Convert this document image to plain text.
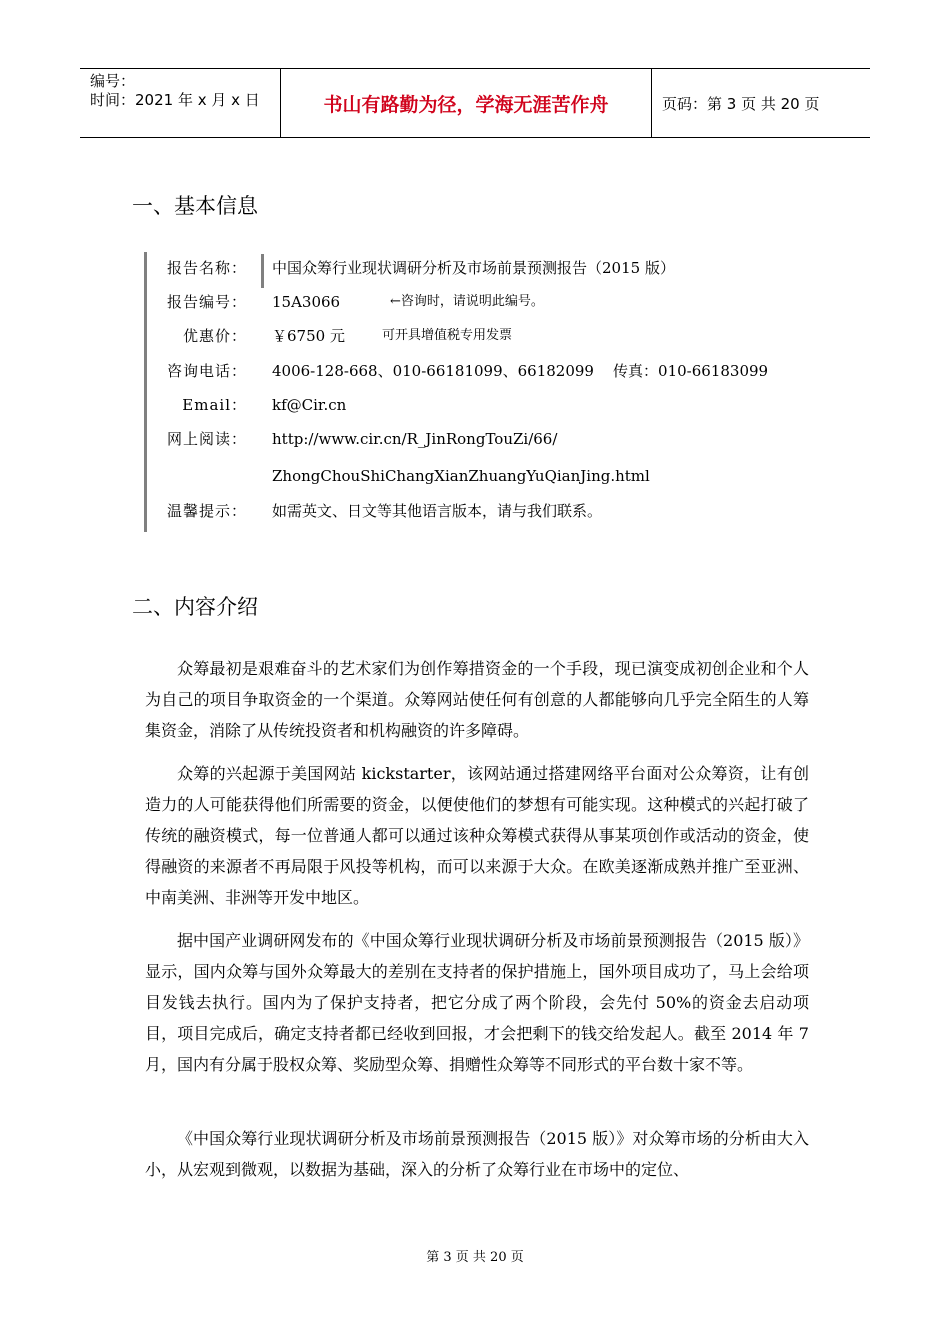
编号：
时间：2021 年 x 月 x 日	书山有路勤为径，学海无涯苦作舟	页码：第 3 页 共 20 页
一、基本信息
报告名称： 中国众筹行业现状调研分析及市场前景预测报告（2015 版）
报告编号： 15A3066	←咨询时，请说明此编号。
优惠价： ￥6750 元	可开具增值税专用发票
咨询电话： 4006-128-668、010-66181099、66182099    传真：010-66183099
Email： kf@Cir.cn
网上阅读： http://www.cir.cn/R_JinRongTouZi/66/
ZhongChouShiChangXianZhuangYuQianJing.html
温馨提示： 如需英文、日文等其他语言版本，请与我们联系。
二、内容介绍

众筹最初是艰难奋斗的艺术家们为创作筹措资金的一个手段，现已演变成初创企业和个人为自己的项目争取资金的一个渠道。众筹网站使任何有创意的人都能够向几乎完全陌生的人筹集资金，消除了从传统投资者和机构融资的许多障碍。

众筹的兴起源于美国网站 kickstarter，该网站通过搭建网络平台面对公众筹资，让有创造力的人可能获得他们所需要的资金，以便使他们的梦想有可能实现。这种模式的兴起打破了传统的融资模式，每一位普通人都可以通过该种众筹模式获得从事某项创作或活动的资金，使得融资的来源者不再局限于风投等机构，而可以来源于大众。在欧美逐渐成熟并推广至亚洲、中南美洲、非洲等开发中地区。

据中国产业调研网发布的《中国众筹行业现状调研分析及市场前景预测报告（2015 版）》显示，国内众筹与国外众筹最大的差别在支持者的保护措施上，国外项目成功了，马上会给项目发钱去执行。国内为了保护支持者，把它分成了两个阶段，会先付 50%的资金去启动项目，项目完成后，确定支持者都已经收到回报，才会把剩下的钱交给发起人。截至 2014 年 7 月，国内有分属于股权众筹、奖励型众筹、捐赠性众筹等不同形式的平台数十家不等。

《中国众筹行业现状调研分析及市场前景预测报告（2015 版）》对众筹市场的分析由大入小，从宏观到微观，以数据为基础，深入的分析了众筹行业在市场中的定位、

第 3 页 共 20 页
